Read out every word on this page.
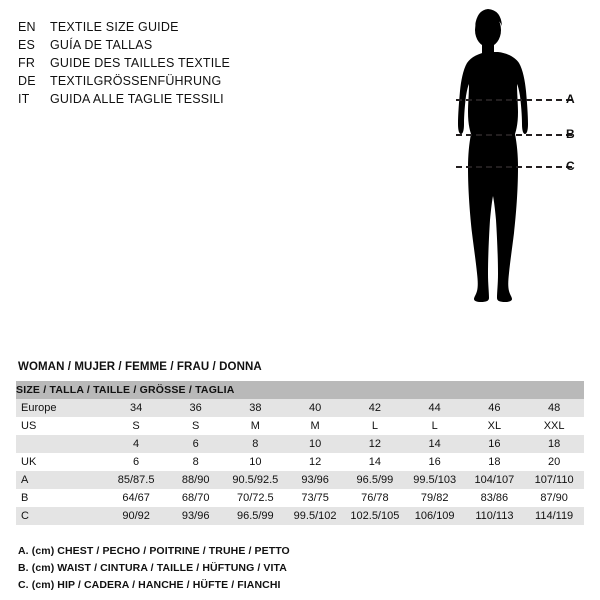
EN	TEXTILE SIZE GUIDE
ES	GUÍA DE TALLAS
FR	GUIDE DES TAILLES TEXTILE
DE	TEXTILGRÖSSENFÜHRUNG
IT	GUIDA ALLE TAGLIE TESSILI	A
B
C
WOMAN / MUJER / FEMME / FRAU / DONNA
SIZE / TALLA / TAILLE / GRÖSSE / TAGLIA								
Europe	34	36	38	40	42	44	46	48
US	S	S	M	M	L	L	XL	XXL
	4	6	8	10	12	14	16	18
UK	6	8	10	12	14	16	18	20
A	85/87.5	88/90	90.5/92.5	93/96	96.5/99	99.5/103	104/107	107/110
B	64/67	68/70	70/72.5	73/75	76/78	79/82	83/86	87/90
C	90/92	93/96	96.5/99	99.5/102	102.5/105	106/109	110/113	114/119
A. (cm) CHEST / PECHO / POITRINE / TRUHE / PETTO
B. (cm) WAIST / CINTURA / TAILLE / HÜFTUNG / VITA
C. (cm) HIP / CADERA / HANCHE / HÜFTE / FIANCHI
